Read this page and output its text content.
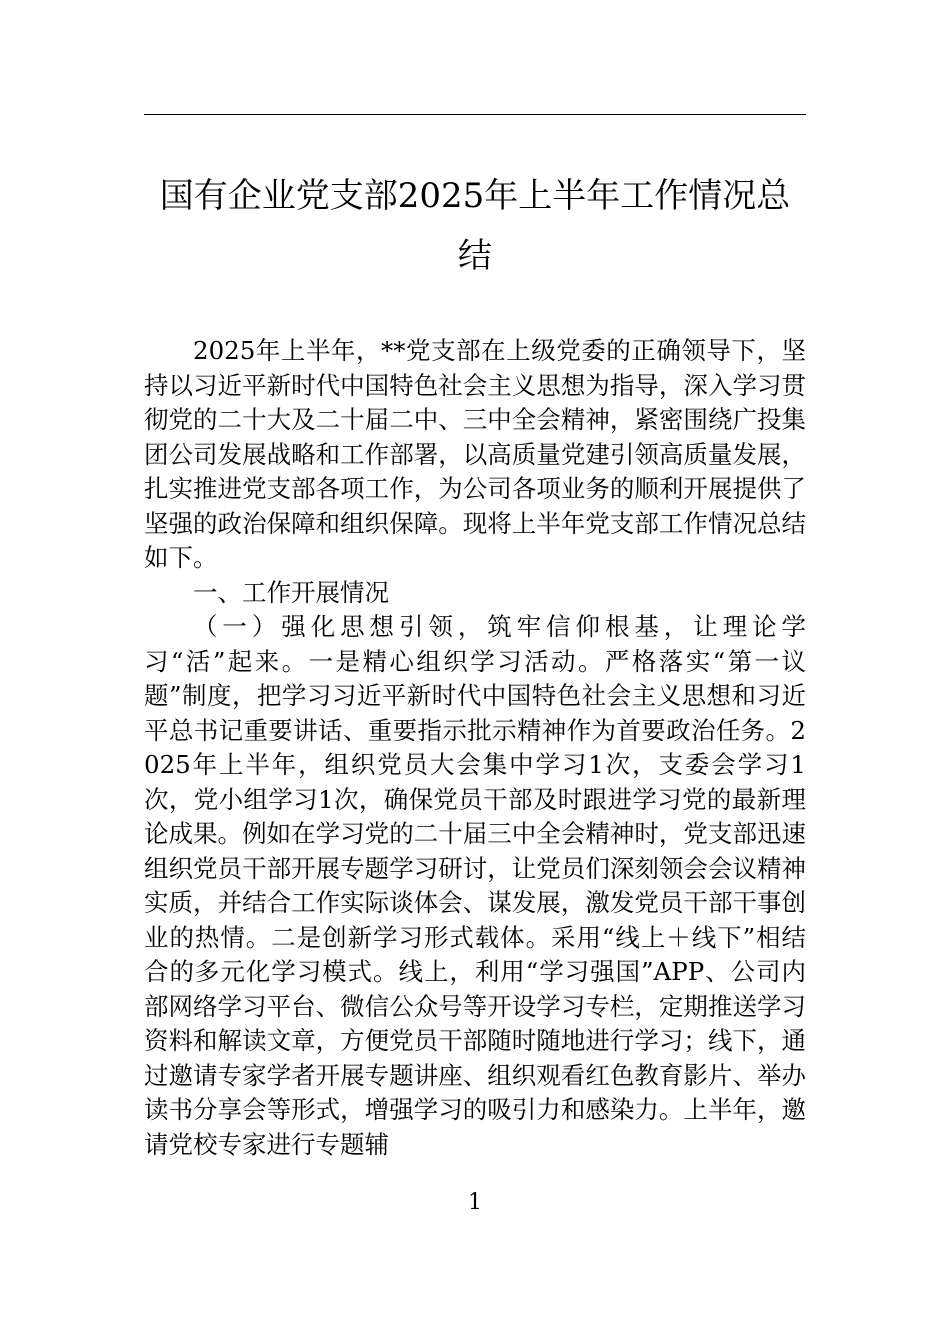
国有企业党支部2025年上半年工作情况总结

2025年上半年，**党支部在上级党委的正确领导下，坚持以习近平新时代中国特色社会主义思想为指导，深入学习贯彻党的二十大及二十届二中、三中全会精神，紧密围绕广投集团公司发展战略和工作部署，以高质量党建引领高质量发展，扎实推进党支部各项工作，为公司各项业务的顺利开展提供了坚强的政治保障和组织保障。现将上半年党支部工作情况总结如下。

一、工作开展情况

（一）强化思想引领，筑牢信仰根基，让理论学习“活”起来。一是精心组织学习活动。严格落实“第一议题”制度，把学习习近平新时代中国特色社会主义思想和习近平总书记重要讲话、重要指示批示精神作为首要政治任务。2025年上半年，组织党员大会集中学习1次，支委会学习1次，党小组学习1次，确保党员干部及时跟进学习党的最新理论成果。例如在学习党的二十届三中全会精神时，党支部迅速组织党员干部开展专题学习研讨，让党员们深刻领会会议精神实质，并结合工作实际谈体会、谋发展，激发党员干部干事创业的热情。二是创新学习形式载体。采用“线上＋线下”相结合的多元化学习模式。线上，利用“学习强国”APP、公司内部网络学习平台、微信公众号等开设学习专栏，定期推送学习资料和解读文章，方便党员干部随时随地进行学习；线下，通过邀请专家学者开展专题讲座、组织观看红色教育影片、举办读书分享会等形式，增强学习的吸引力和感染力。上半年，邀请党校专家进行专题辅

1
